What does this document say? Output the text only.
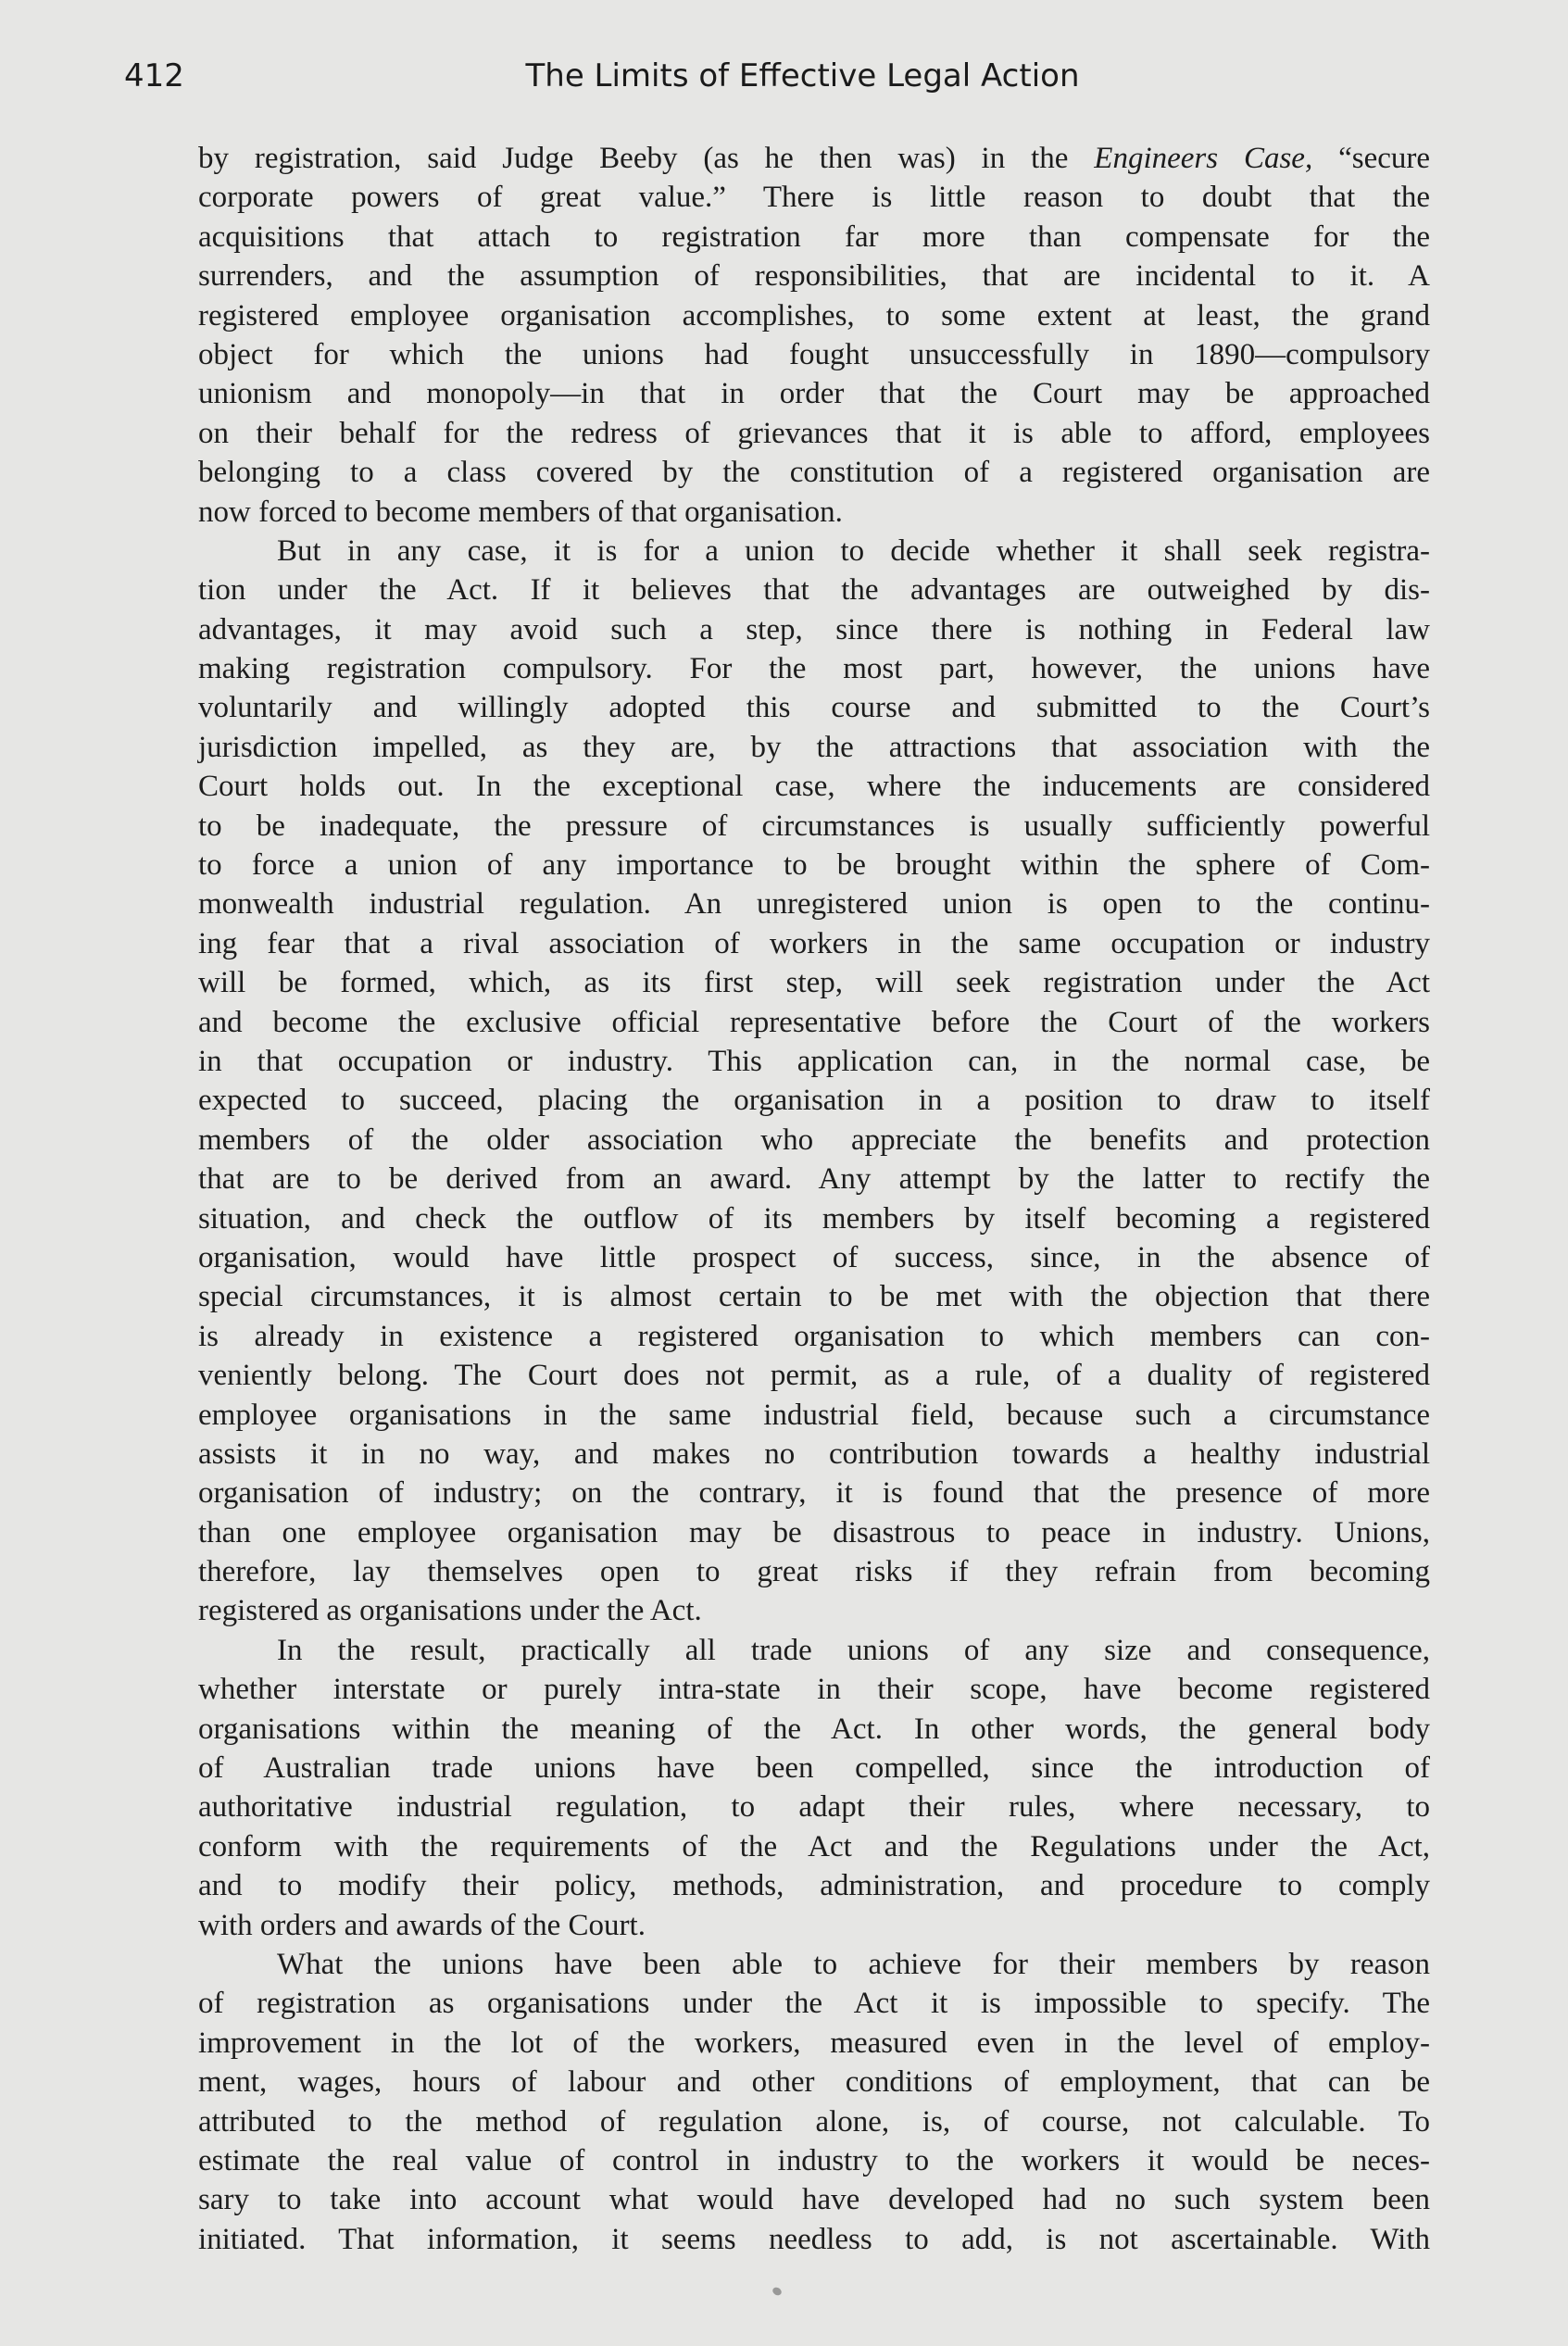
412	The Limits of Effective Legal Action
by registration, said Judge Beeby (as he then was) in the Engineers Case, “secure
corporate powers of great value.” There is little reason to doubt that the
acquisitions that attach to registration far more than compensate for the
surrenders, and the assumption of responsibilities, that are incidental to it. A
registered employee organisation accomplishes, to some extent at least, the grand
object for which the unions had fought unsuccessfully in 1890—compulsory
unionism and monopoly—in that in order that the Court may be approached
on their behalf for the redress of grievances that it is able to afford, employees
belonging to a class covered by the constitution of a registered organisation are
now forced to become members of that organisation.
But in any case, it is for a union to decide whether it shall seek registra-
tion under the Act. If it believes that the advantages are outweighed by dis-
advantages, it may avoid such a step, since there is nothing in Federal law
making registration compulsory. For the most part, however, the unions have
voluntarily and willingly adopted this course and submitted to the Court’s
jurisdiction impelled, as they are, by the attractions that association with the
Court holds out. In the exceptional case, where the inducements are considered
to be inadequate, the pressure of circumstances is usually sufficiently powerful
to force a union of any importance to be brought within the sphere of Com-
monwealth industrial regulation. An unregistered union is open to the continu-
ing fear that a rival association of workers in the same occupation or industry
will be formed, which, as its first step, will seek registration under the Act
and become the exclusive official representative before the Court of the workers
in that occupation or industry. This application can, in the normal case, be
expected to succeed, placing the organisation in a position to draw to itself
members of the older association who appreciate the benefits and protection
that are to be derived from an award. Any attempt by the latter to rectify the
situation, and check the outflow of its members by itself becoming a registered
organisation, would have little prospect of success, since, in the absence of
special circumstances, it is almost certain to be met with the objection that there
is already in existence a registered organisation to which members can con-
veniently belong. The Court does not permit, as a rule, of a duality of registered
employee organisations in the same industrial field, because such a circumstance
assists it in no way, and makes no contribution towards a healthy industrial
organisation of industry; on the contrary, it is found that the presence of more
than one employee organisation may be disastrous to peace in industry. Unions,
therefore, lay themselves open to great risks if they refrain from becoming
registered as organisations under the Act.
In the result, practically all trade unions of any size and consequence,
whether interstate or purely intra-state in their scope, have become registered
organisations within the meaning of the Act. In other words, the general body
of Australian trade unions have been compelled, since the introduction of
authoritative industrial regulation, to adapt their rules, where necessary, to
conform with the requirements of the Act and the Regulations under the Act,
and to modify their policy, methods, administration, and procedure to comply
with orders and awards of the Court.
What the unions have been able to achieve for their members by reason
of registration as organisations under the Act it is impossible to specify. The
improvement in the lot of the workers, measured even in the level of employ-
ment, wages, hours of labour and other conditions of employment, that can be
attributed to the method of regulation alone, is, of course, not calculable. To
estimate the real value of control in industry to the workers it would be neces-
sary to take into account what would have developed had no such system been
initiated. That information, it seems needless to add, is not ascertainable. With
